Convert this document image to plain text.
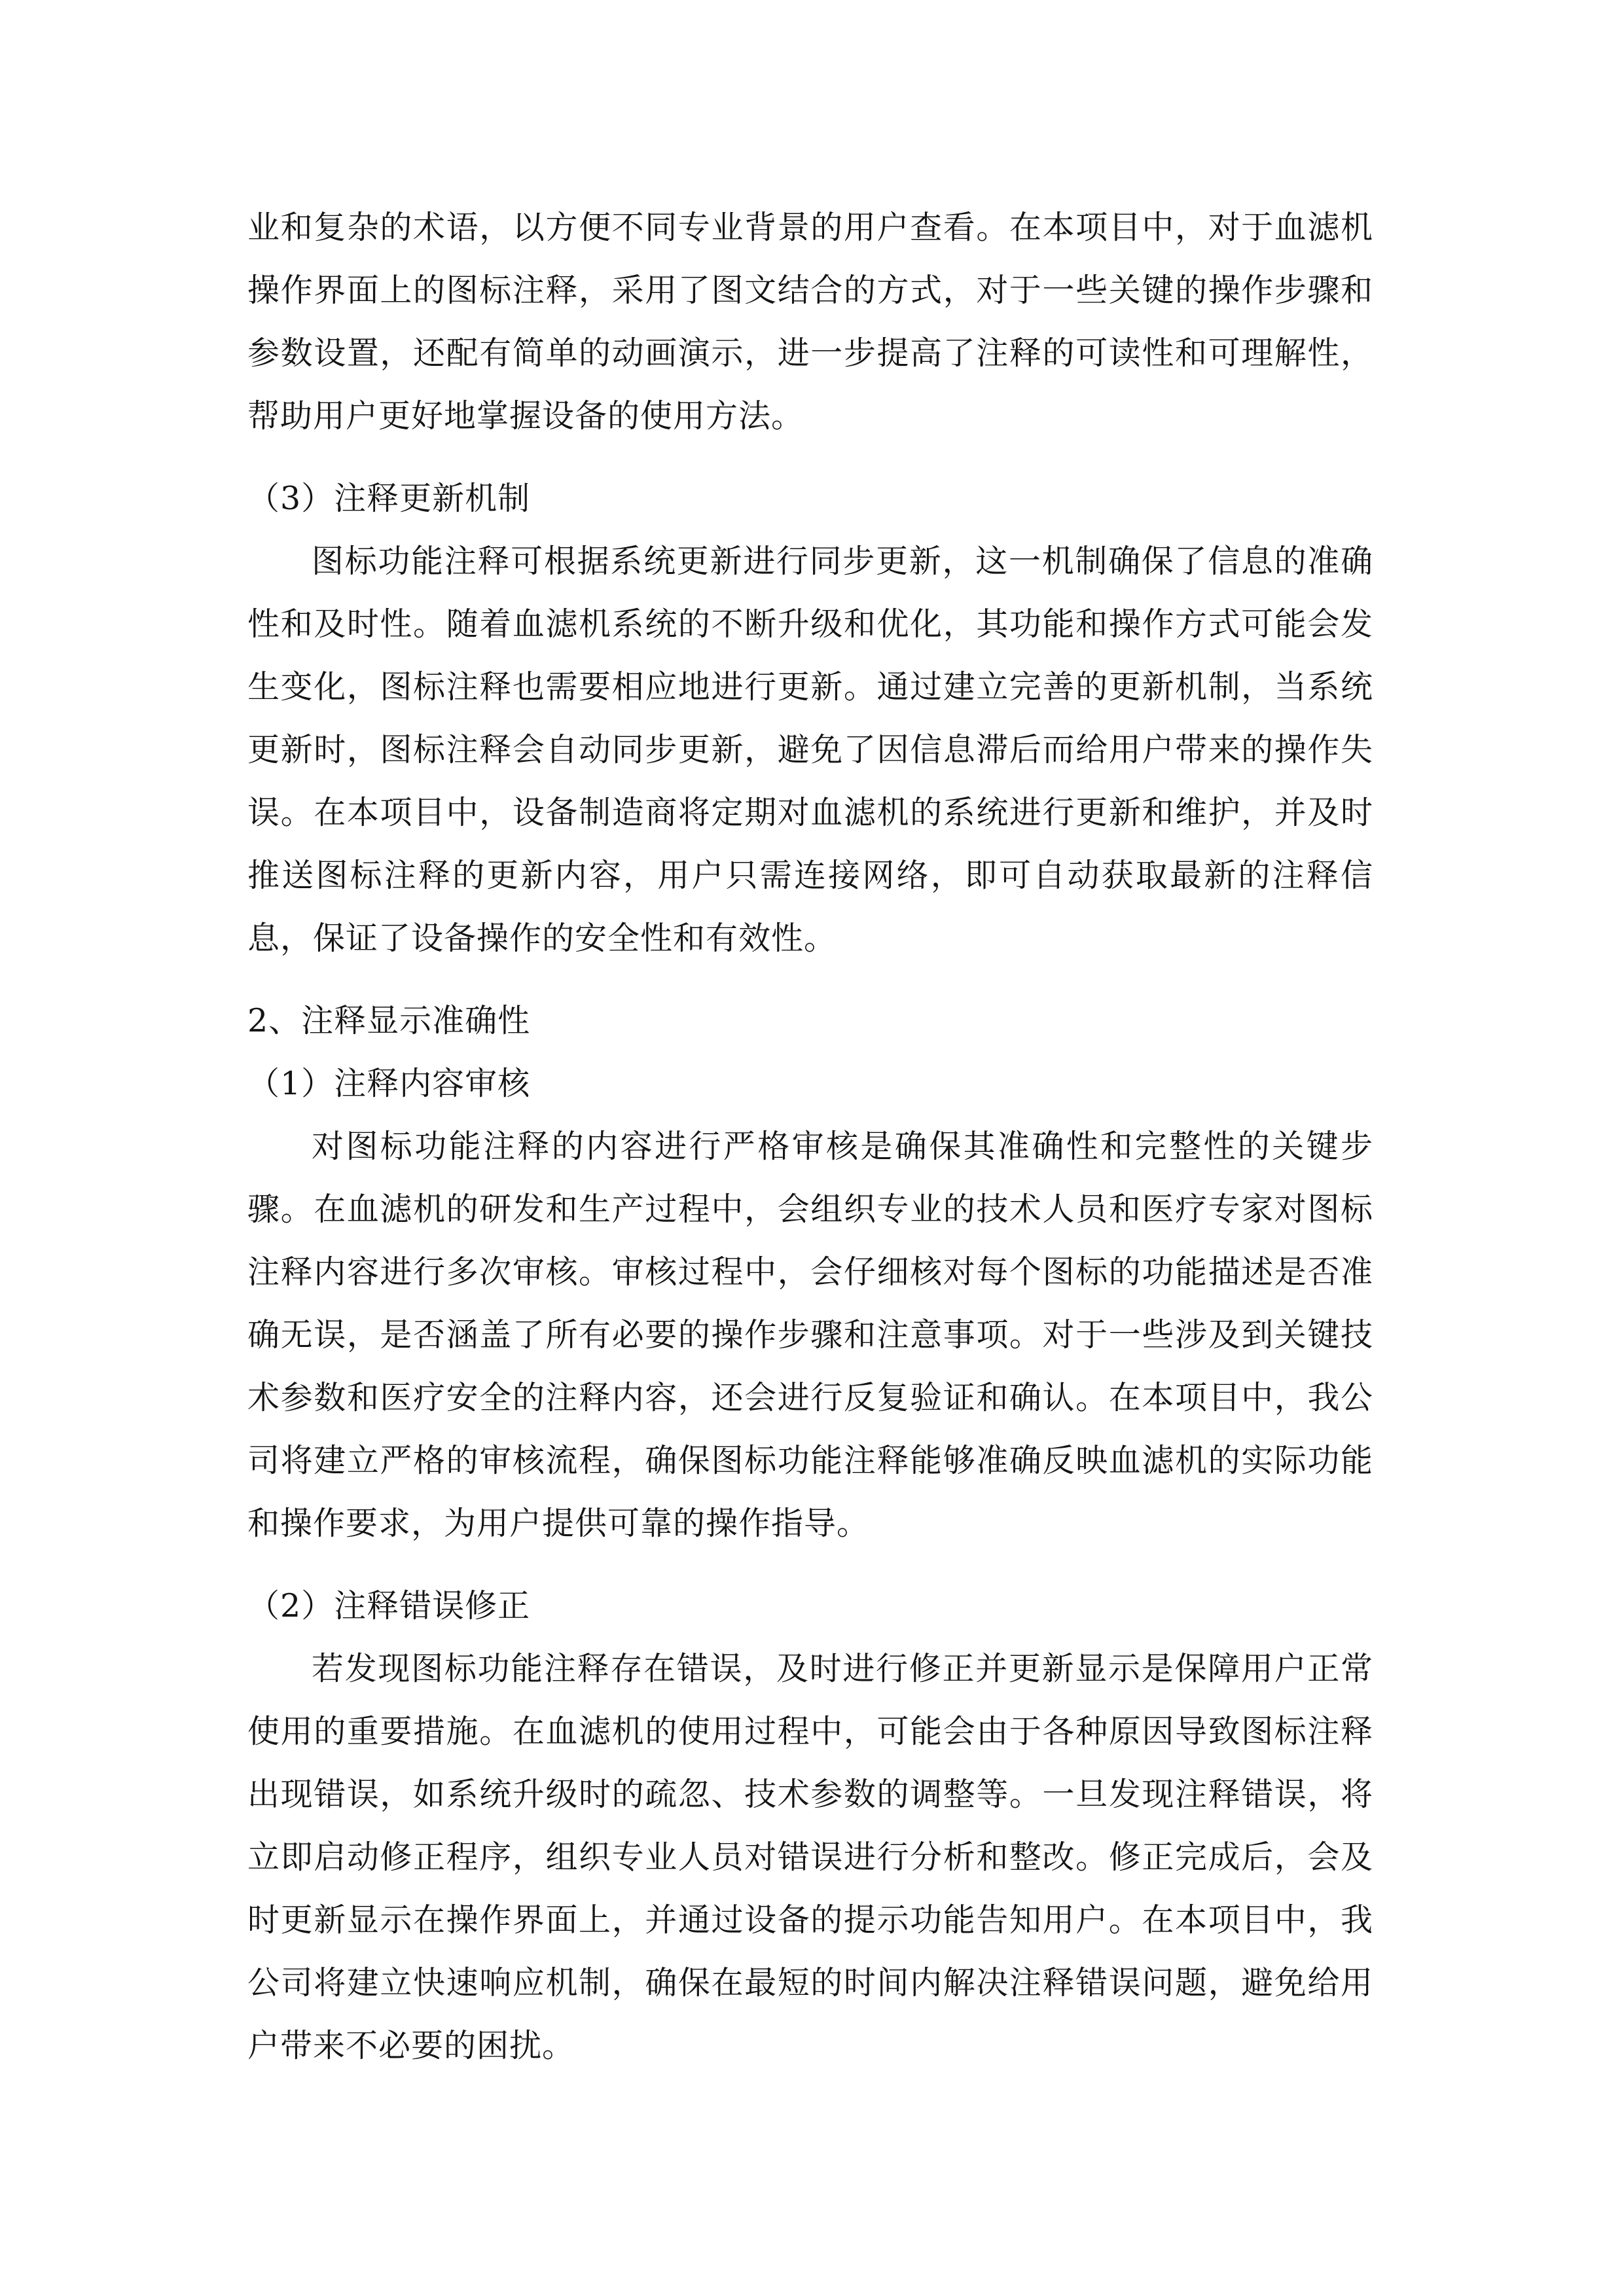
业和复杂的术语，以方便不同专业背景的用户查看。在本项目中，对于血滤机操作界面上的图标注释，采用了图文结合的方式，对于一些关键的操作步骤和参数设置，还配有简单的动画演示，进一步提高了注释的可读性和可理解性，帮助用户更好地掌握设备的使用方法。

（3）注释更新机制

图标功能注释可根据系统更新进行同步更新，这一机制确保了信息的准确性和及时性。随着血滤机系统的不断升级和优化，其功能和操作方式可能会发生变化，图标注释也需要相应地进行更新。通过建立完善的更新机制，当系统更新时，图标注释会自动同步更新，避免了因信息滞后而给用户带来的操作失误。在本项目中，设备制造商将定期对血滤机的系统进行更新和维护，并及时推送图标注释的更新内容，用户只需连接网络，即可自动获取最新的注释信息，保证了设备操作的安全性和有效性。

2、注释显示准确性

（1）注释内容审核

对图标功能注释的内容进行严格审核是确保其准确性和完整性的关键步骤。在血滤机的研发和生产过程中，会组织专业的技术人员和医疗专家对图标注释内容进行多次审核。审核过程中，会仔细核对每个图标的功能描述是否准确无误，是否涵盖了所有必要的操作步骤和注意事项。对于一些涉及到关键技术参数和医疗安全的注释内容，还会进行反复验证和确认。在本项目中，我公司将建立严格的审核流程，确保图标功能注释能够准确反映血滤机的实际功能和操作要求，为用户提供可靠的操作指导。

（2）注释错误修正

若发现图标功能注释存在错误，及时进行修正并更新显示是保障用户正常使用的重要措施。在血滤机的使用过程中，可能会由于各种原因导致图标注释出现错误，如系统升级时的疏忽、技术参数的调整等。一旦发现注释错误，将立即启动修正程序，组织专业人员对错误进行分析和整改。修正完成后，会及时更新显示在操作界面上，并通过设备的提示功能告知用户。在本项目中，我公司将建立快速响应机制，确保在最短的时间内解决注释错误问题，避免给用户带来不必要的困扰。
